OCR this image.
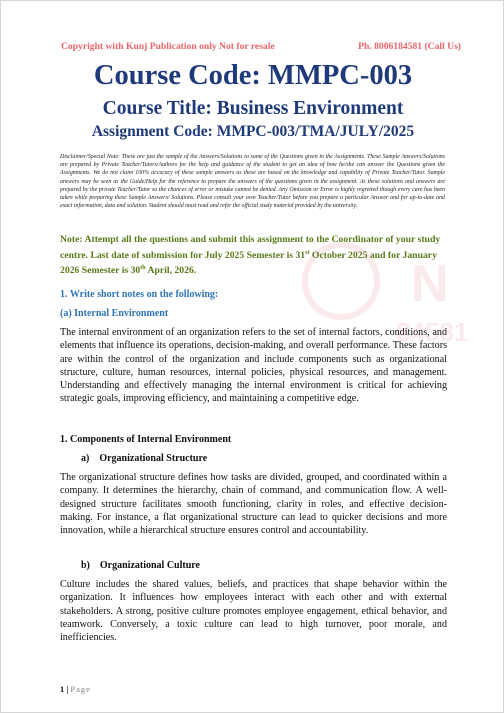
N
84581
Copyright with Kunj Publication only Not for resale	Ph. 8006184581 (Call Us)
Course Code: MMPC-003
Course Title: Business Environment
Assignment Code: MMPC-003/TMA/JULY/2025
Disclaimer/Special Note: These are just the sample of the Answers/Solutions to some of the Questions given in the Assignments. These Sample Answers/Solutions are prepared by Private Teacher/Tutors/Authors for the help and guidance of the student to get an idea of how he/she can answer the Questions given the Assignments. We do not claim 100% accuracy of these sample answers as these are based on the knowledge and capability of Private Teacher/Tutor. Sample answers may be seen as the Guide/Help for the reference to prepare the answers of the questions given in the assignment. As these solutions and answers are prepared by the private Teacher/Tutor so the chances of error or mistake cannot be denied. Any Omission or Error is highly regretted though every care has been taken while preparing these Sample Answers/ Solutions. Please consult your own Teacher/Tutor before you prepare a particular Answer and for up-to-date and exact information, data and solution. Student should must read and refer the official study material provided by the university.
Note: Attempt all the questions and submit this assignment to the Coordinator of your study centre. Last date of submission for July 2025 Semester is 31st October 2025 and for January 2026 Semester is 30th April, 2026.
1. Write short notes on the following:
(a) Internal Environment
The internal environment of an organization refers to the set of internal factors, conditions, and elements that influence its operations, decision-making, and overall performance. These factors are within the control of the organization and include components such as organizational structure, culture, human resources, internal policies, physical resources, and management. Understanding and effectively managing the internal environment is critical for achieving strategic goals, improving efficiency, and maintaining a competitive edge.
1. Components of Internal Environment
a)  Organizational Structure
The organizational structure defines how tasks are divided, grouped, and coordinated within a company. It determines the hierarchy, chain of command, and communication flow. A well-designed structure facilitates smooth functioning, clarity in roles, and effective decision-making. For instance, a flat organizational structure can lead to quicker decisions and more innovation, while a hierarchical structure ensures control and accountability.
b)  Organizational Culture
Culture includes the shared values, beliefs, and practices that shape behavior within the organization. It influences how employees interact with each other and with external stakeholders. A strong, positive culture promotes employee engagement, ethical behavior, and teamwork. Conversely, a toxic culture can lead to high turnover, poor morale, and inefficiencies.
1 | Page
